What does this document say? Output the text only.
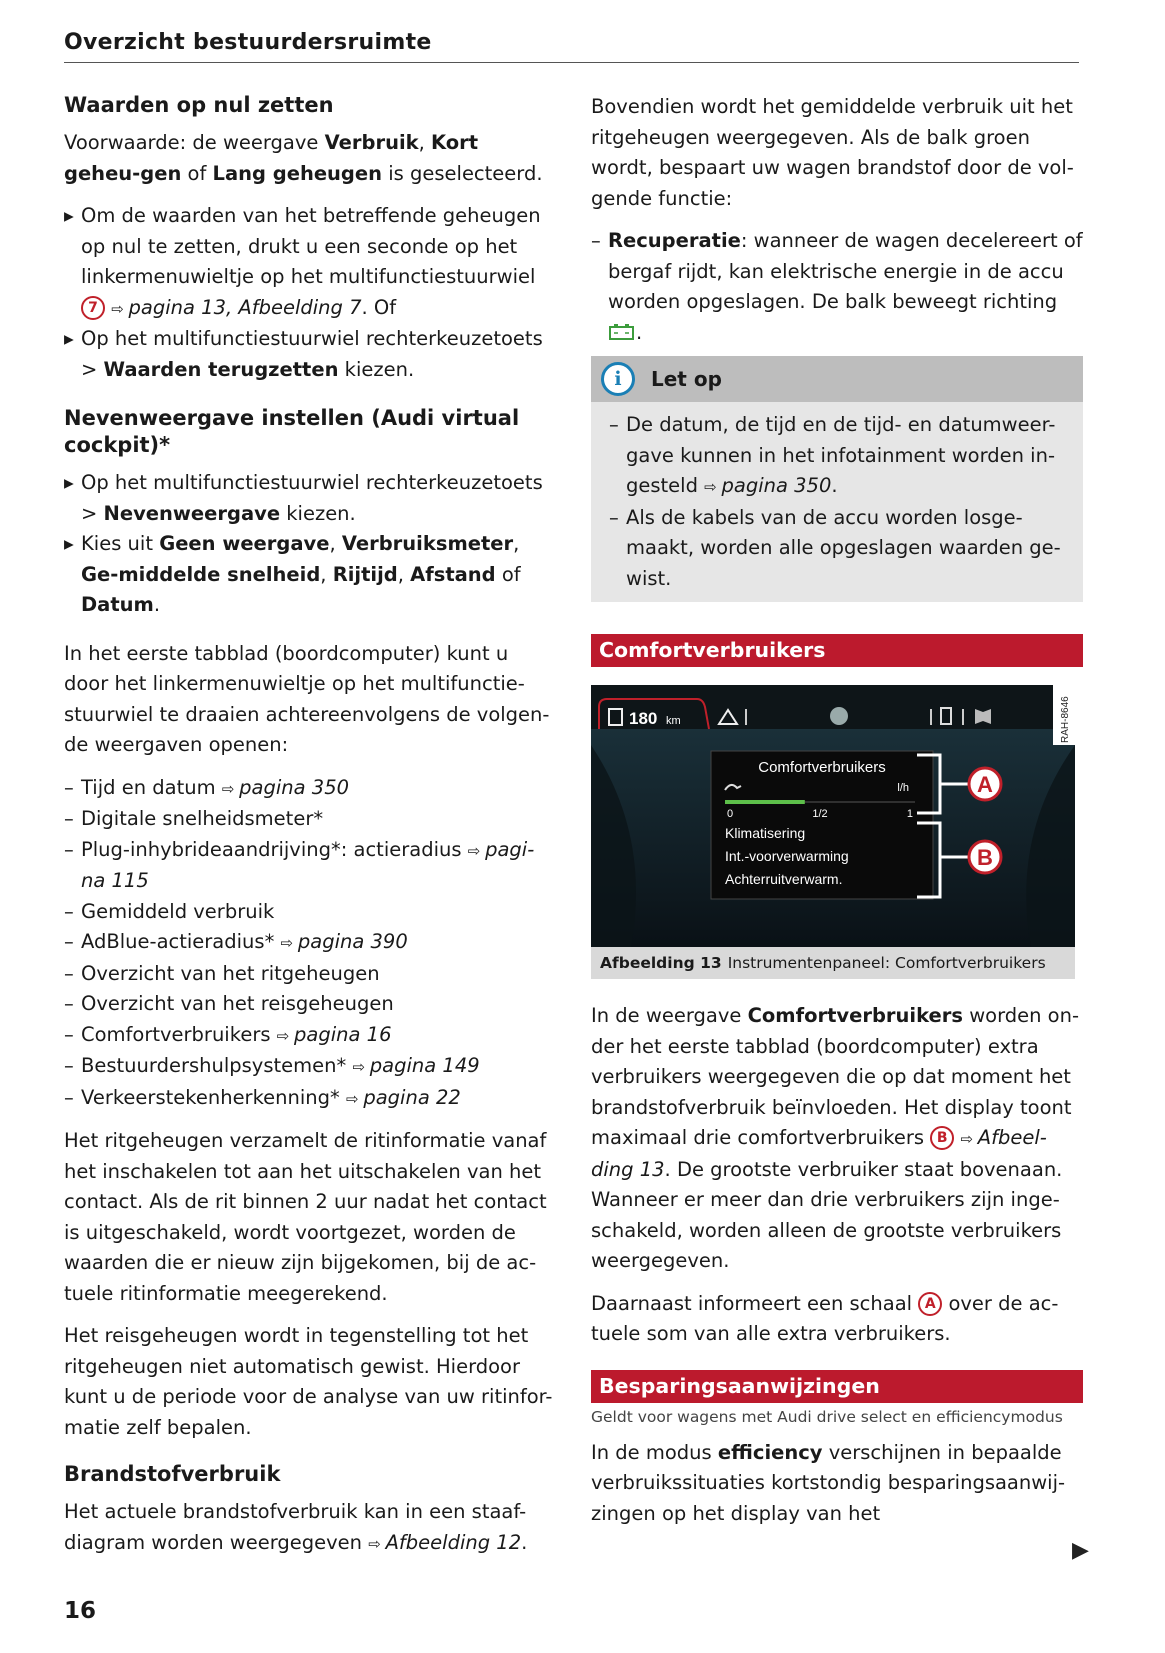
Overzicht bestuurdersruimte
Waarden op nul zetten

Voorwaarde: de weergave Verbruik, Kort geheu-gen of Lang geheugen is geselecteerd.

▸ Om de waarden van het betreffende geheugen op nul te zetten, drukt u een seconde op het linkermenuwieltje op het multifunctiestuurwiel
7 ⇨ pagina 13, Afbeelding 7. Of
▸ Op het multifunctiestuurwiel rechterkeuzetoets > Waarden terugzetten kiezen.
Nevenweergave instellen (Audi virtual cockpit)*
▸ Op het multifunctiestuurwiel rechterkeuzetoets > Nevenweergave kiezen.
▸ Kies uit Geen weergave, Verbruiksmeter, Ge-middelde snelheid, Rijtijd, Afstand of Datum.

In het eerste tabblad (boordcomputer) kunt u door het linkermenuwieltje op het multifunctie-stuurwiel te draaien achtereenvolgens de volgen-de weergaven openen:

– Tijd en datum ⇨ pagina 350
– Digitale snelheidsmeter*
– Plug-inhybrideaandrijving*: actieradius ⇨ pagi-na 115
– Gemiddeld verbruik
– AdBlue-actieradius* ⇨ pagina 390
– Overzicht van het ritgeheugen
– Overzicht van het reisgeheugen
– Comfortverbruikers ⇨ pagina 16
– Bestuurdershulpsystemen* ⇨ pagina 149
– Verkeerstekenherkenning* ⇨ pagina 22

Het ritgeheugen verzamelt de ritinformatie vanaf het inschakelen tot aan het uitschakelen van het contact. Als de rit binnen 2 uur nadat het contact is uitgeschakeld, wordt voortgezet, worden de waarden die er nieuw zijn bijgekomen, bij de ac-tuele ritinformatie meegerekend.

Het reisgeheugen wordt in tegenstelling tot het ritgeheugen niet automatisch gewist. Hierdoor kunt u de periode voor de analyse van uw ritinfor-matie zelf bepalen.

Brandstofverbruik

Het actuele brandstofverbruik kan in een staaf-diagram worden weergegeven ⇨ Afbeelding 12.

Bovendien wordt het gemiddelde verbruik uit het ritgeheugen weergegeven. Als de balk groen wordt, bespaart uw wagen brandstof door de vol-gende functie:

– Recuperatie: wanneer de wagen decelereert of bergaf rijdt, kan elektrische energie in de accu worden opgeslagen. De balk beweegt richting
.
i	Let op
– De datum, de tijd en de tijd- en datumweer-gave kunnen in het infotainment worden in-gesteld ⇨ pagina 350.
– Als de kabels van de accu worden losge-maakt, worden alle opgeslagen waarden ge-wist.
Comfortverbruikers
180 km	RAH-8646
Comfortverbruikers
l/h
0	1/2	1
Klimatisering
Int.-voorverwarming
Achterruitverwarm.
A
B
Afbeelding 13 Instrumentenpaneel: Comfortverbruikers

In de weergave Comfortverbruikers worden on-der het eerste tabblad (boordcomputer) extra verbruikers weergegeven die op dat moment het brandstofverbruik beïnvloeden. Het display toont maximaal drie comfortverbruikers B ⇨ Afbeel-ding 13. De grootste verbruiker staat bovenaan. Wanneer er meer dan drie verbruikers zijn inge-schakeld, worden alleen de grootste verbruikers weergegeven.

Daarnaast informeert een schaal A over de ac-tuele som van alle extra verbruikers.

Besparingsaanwijzingen
Geldt voor wagens met Audi drive select en efficiencymodus

In de modus efficiency verschijnen in bepaalde verbruikssituaties kortstondig besparingsaanwij-zingen op het display van het

▶
16
